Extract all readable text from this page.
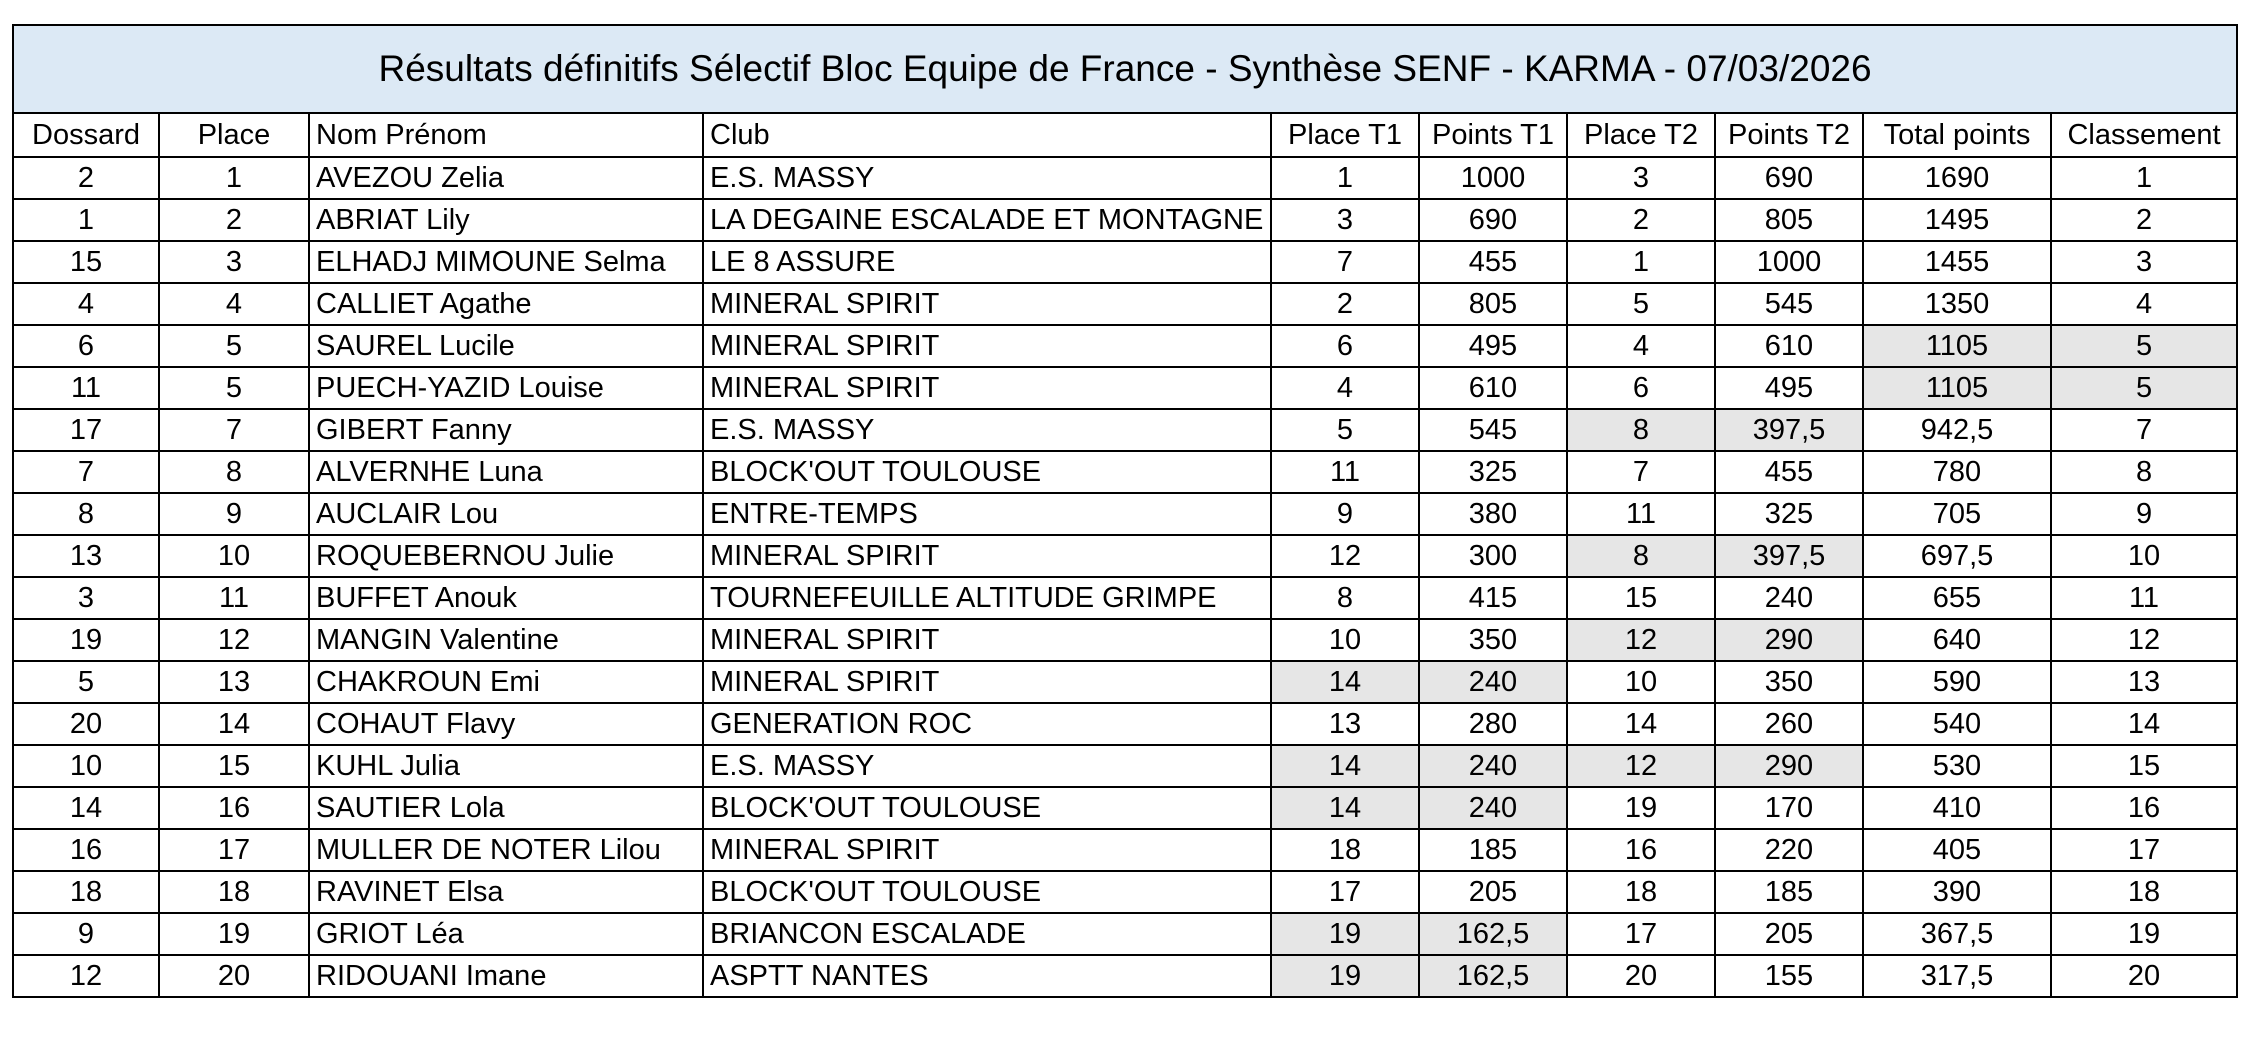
Résultats définitifs Sélectif Bloc Equipe de France - Synthèse SENF - KARMA - 07/03/2026									
Dossard	Place	Nom Prénom	Club	Place T1	Points T1	Place T2	Points T2	Total points	Classement
2	1	AVEZOU Zelia	E.S. MASSY	1	1000	3	690	1690	1
1	2	ABRIAT Lily	LA DEGAINE ESCALADE ET MONTAGNE	3	690	2	805	1495	2
15	3	ELHADJ MIMOUNE Selma	LE 8 ASSURE	7	455	1	1000	1455	3
4	4	CALLIET Agathe	MINERAL SPIRIT	2	805	5	545	1350	4
6	5	SAUREL Lucile	MINERAL SPIRIT	6	495	4	610	1105	5
11	5	PUECH-YAZID Louise	MINERAL SPIRIT	4	610	6	495	1105	5
17	7	GIBERT Fanny	E.S. MASSY	5	545	8	397,5	942,5	7
7	8	ALVERNHE Luna	BLOCK'OUT TOULOUSE	11	325	7	455	780	8
8	9	AUCLAIR Lou	ENTRE-TEMPS	9	380	11	325	705	9
13	10	ROQUEBERNOU Julie	MINERAL SPIRIT	12	300	8	397,5	697,5	10
3	11	BUFFET Anouk	TOURNEFEUILLE ALTITUDE GRIMPE	8	415	15	240	655	11
19	12	MANGIN Valentine	MINERAL SPIRIT	10	350	12	290	640	12
5	13	CHAKROUN Emi	MINERAL SPIRIT	14	240	10	350	590	13
20	14	COHAUT Flavy	GENERATION ROC	13	280	14	260	540	14
10	15	KUHL Julia	E.S. MASSY	14	240	12	290	530	15
14	16	SAUTIER Lola	BLOCK'OUT TOULOUSE	14	240	19	170	410	16
16	17	MULLER DE NOTER Lilou	MINERAL SPIRIT	18	185	16	220	405	17
18	18	RAVINET Elsa	BLOCK'OUT TOULOUSE	17	205	18	185	390	18
9	19	GRIOT Léa	BRIANCON ESCALADE	19	162,5	17	205	367,5	19
12	20	RIDOUANI Imane	ASPTT NANTES	19	162,5	20	155	317,5	20
